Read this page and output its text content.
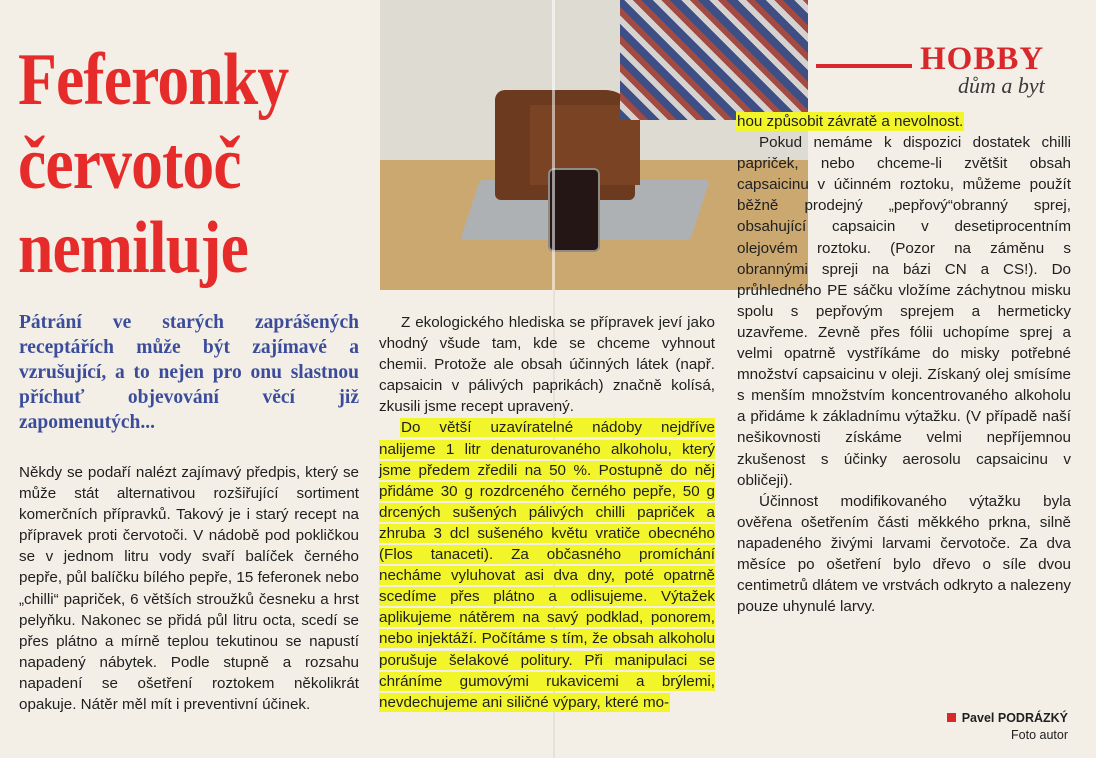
Feferonky
červotoč
nemiluje
Pátrání ve starých zaprášených receptářích může být zajímavé a vzrušující, a to nejen pro onu slastnou příchuť objevování věcí již zapomenutých...

Někdy se podaří nalézt zajímavý předpis, který se může stát alternativou rozšiřující sortiment komerčních přípravků. Takový je i starý recept na přípravek proti červotoči. V nádobě pod pokličkou se v jednom litru vody svaří balíček černého pepře, půl balíčku bílého pepře, 15 feferonek nebo „chilli“ papriček, 6 větších stroužků česneku a hrst pelyňku. Nakonec se přidá půl litru octa, scedí se přes plátno a mírně teplou tekutinou se napustí napadený nábytek. Podle stupně a rozsahu napadení se ošetření roztokem několikrát opakuje. Nátěr měl mít i preventivní účinek.

Z ekologického hlediska se přípravek jeví jako vhodný všude tam, kde se chceme vyhnout chemii. Protože ale obsah účinných látek (např. capsaicin v pálivých paprikách) značně kolísá, zkusili jsme recept upravený.

Do větší uzavíratelné nádoby nejdříve nalijeme 1 litr denaturovaného alkoholu, který jsme předem zředili na 50 %. Postupně do něj přidáme 30 g rozdrceného černého pepře, 50 g drcených sušených pálivých chilli papriček a zhruba 3 dcl sušeného květu vratiče obecného (Flos tanaceti). Za občasného promíchání necháme vyluhovat asi dva dny, poté opatrně scedíme přes plátno a odlisujeme. Výtažek aplikujeme nátěrem na savý podklad, ponorem, nebo injektáží. Počítáme s tím, že obsah alkoholu porušuje šelakové politury. Při manipulaci se chráníme gumovými rukavicemi a brýlemi, nevdechujeme ani siličné výpary, které mo-

HOBBY
dům a byt

hou způsobit závratě a nevolnost.

Pokud nemáme k dispozici dostatek chilli papriček, nebo chceme-li zvětšit obsah capsaicinu v účinném roztoku, můžeme použít běžně prodejný „pepřový“obranný sprej, obsahující capsaicin v desetiprocentním olejovém roztoku. (Pozor na záměnu s obrannými spreji na bázi CN a CS!). Do průhledného PE sáčku vložíme záchytnou misku spolu s pepřovým sprejem a hermeticky uzavřeme. Zevně přes fólii uchopíme sprej a velmi opatrně vystříkáme do misky potřebné množství capsaicinu v oleji. Získaný olej smísíme s menším množstvím koncentrovaného alkoholu a přidáme k základnímu výtažku. (V případě naší nešikovnosti získáme velmi nepříjemnou zkušenost s účinky aerosolu capsaicinu v obličeji).

Účinnost modifikovaného výtažku byla ověřena ošetřením části měkkého prkna, silně napadeného živými larvami červotoče. Za dva měsíce po ošetření bylo dřevo o síle dvou centimetrů dlátem ve vrstvách odkryto a nalezeny pouze uhynulé larvy.

Pavel PODRÁZKÝ
Foto autor
